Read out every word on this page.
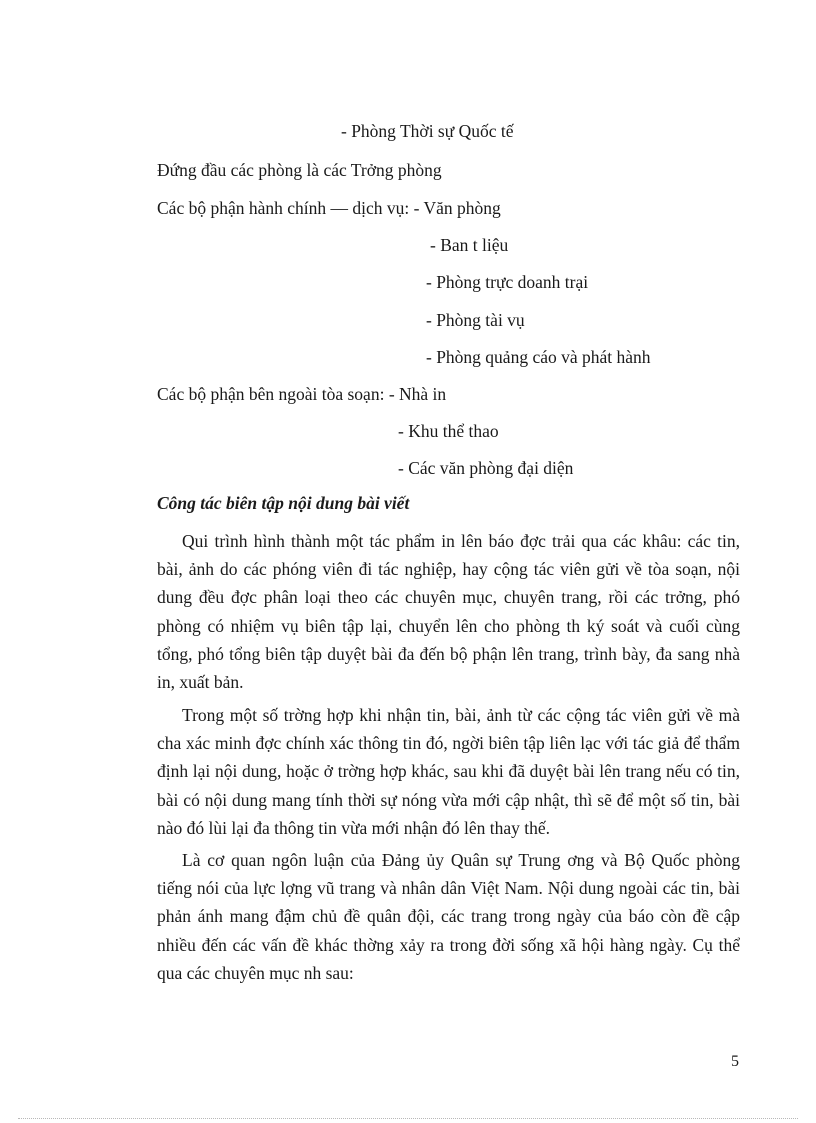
- Phòng Thời sự Quốc tế
Đứng đầu các phòng là các Trởng phòng
Các bộ phận hành chính — dịch vụ: - Văn phòng
- Ban t liệu
- Phòng trực doanh trại
- Phòng tài vụ
- Phòng quảng cáo và phát hành
Các bộ phận bên ngoài tòa soạn: - Nhà in
- Khu thể thao
- Các văn phòng đại diện
Công tác biên tập nội dung bài viết

Qui trình hình thành một tác phẩm in lên báo đợc trải qua các khâu: các tin, bài, ảnh do các phóng viên đi tác nghiệp, hay cộng tác viên gửi về tòa soạn, nội dung đều đợc phân loại theo các chuyên mục, chuyên trang, rồi các trởng, phó phòng có nhiệm vụ biên tập lại, chuyển lên cho phòng th ký soát và cuối cùng tổng, phó tổng biên tập duyệt bài đa đến bộ phận lên trang, trình bày, đa sang nhà in, xuất bản.

Trong một số trờng hợp khi nhận tin, bài, ảnh từ các cộng tác viên gửi về mà cha xác minh đợc chính xác thông tin đó, ngời biên tập liên lạc với tác giả để thẩm định lại nội dung, hoặc ở trờng hợp khác, sau khi đã duyệt bài lên trang nếu có tin, bài có nội dung mang tính thời sự nóng vừa mới cập nhật, thì sẽ để một số tin, bài nào đó lùi lại đa thông tin vừa mới nhận đó lên thay thế.

Là cơ quan ngôn luận của Đảng ủy Quân sự Trung ơng và Bộ Quốc phòng tiếng nói của lực lợng vũ trang và nhân dân Việt Nam. Nội dung ngoài các tin, bài phản ánh mang đậm chủ đề quân đội, các trang trong ngày của báo còn đề cập nhiều đến các vấn đề khác thờng xảy ra trong đời sống xã hội hàng ngày. Cụ thể qua các chuyên mục nh sau:

5
